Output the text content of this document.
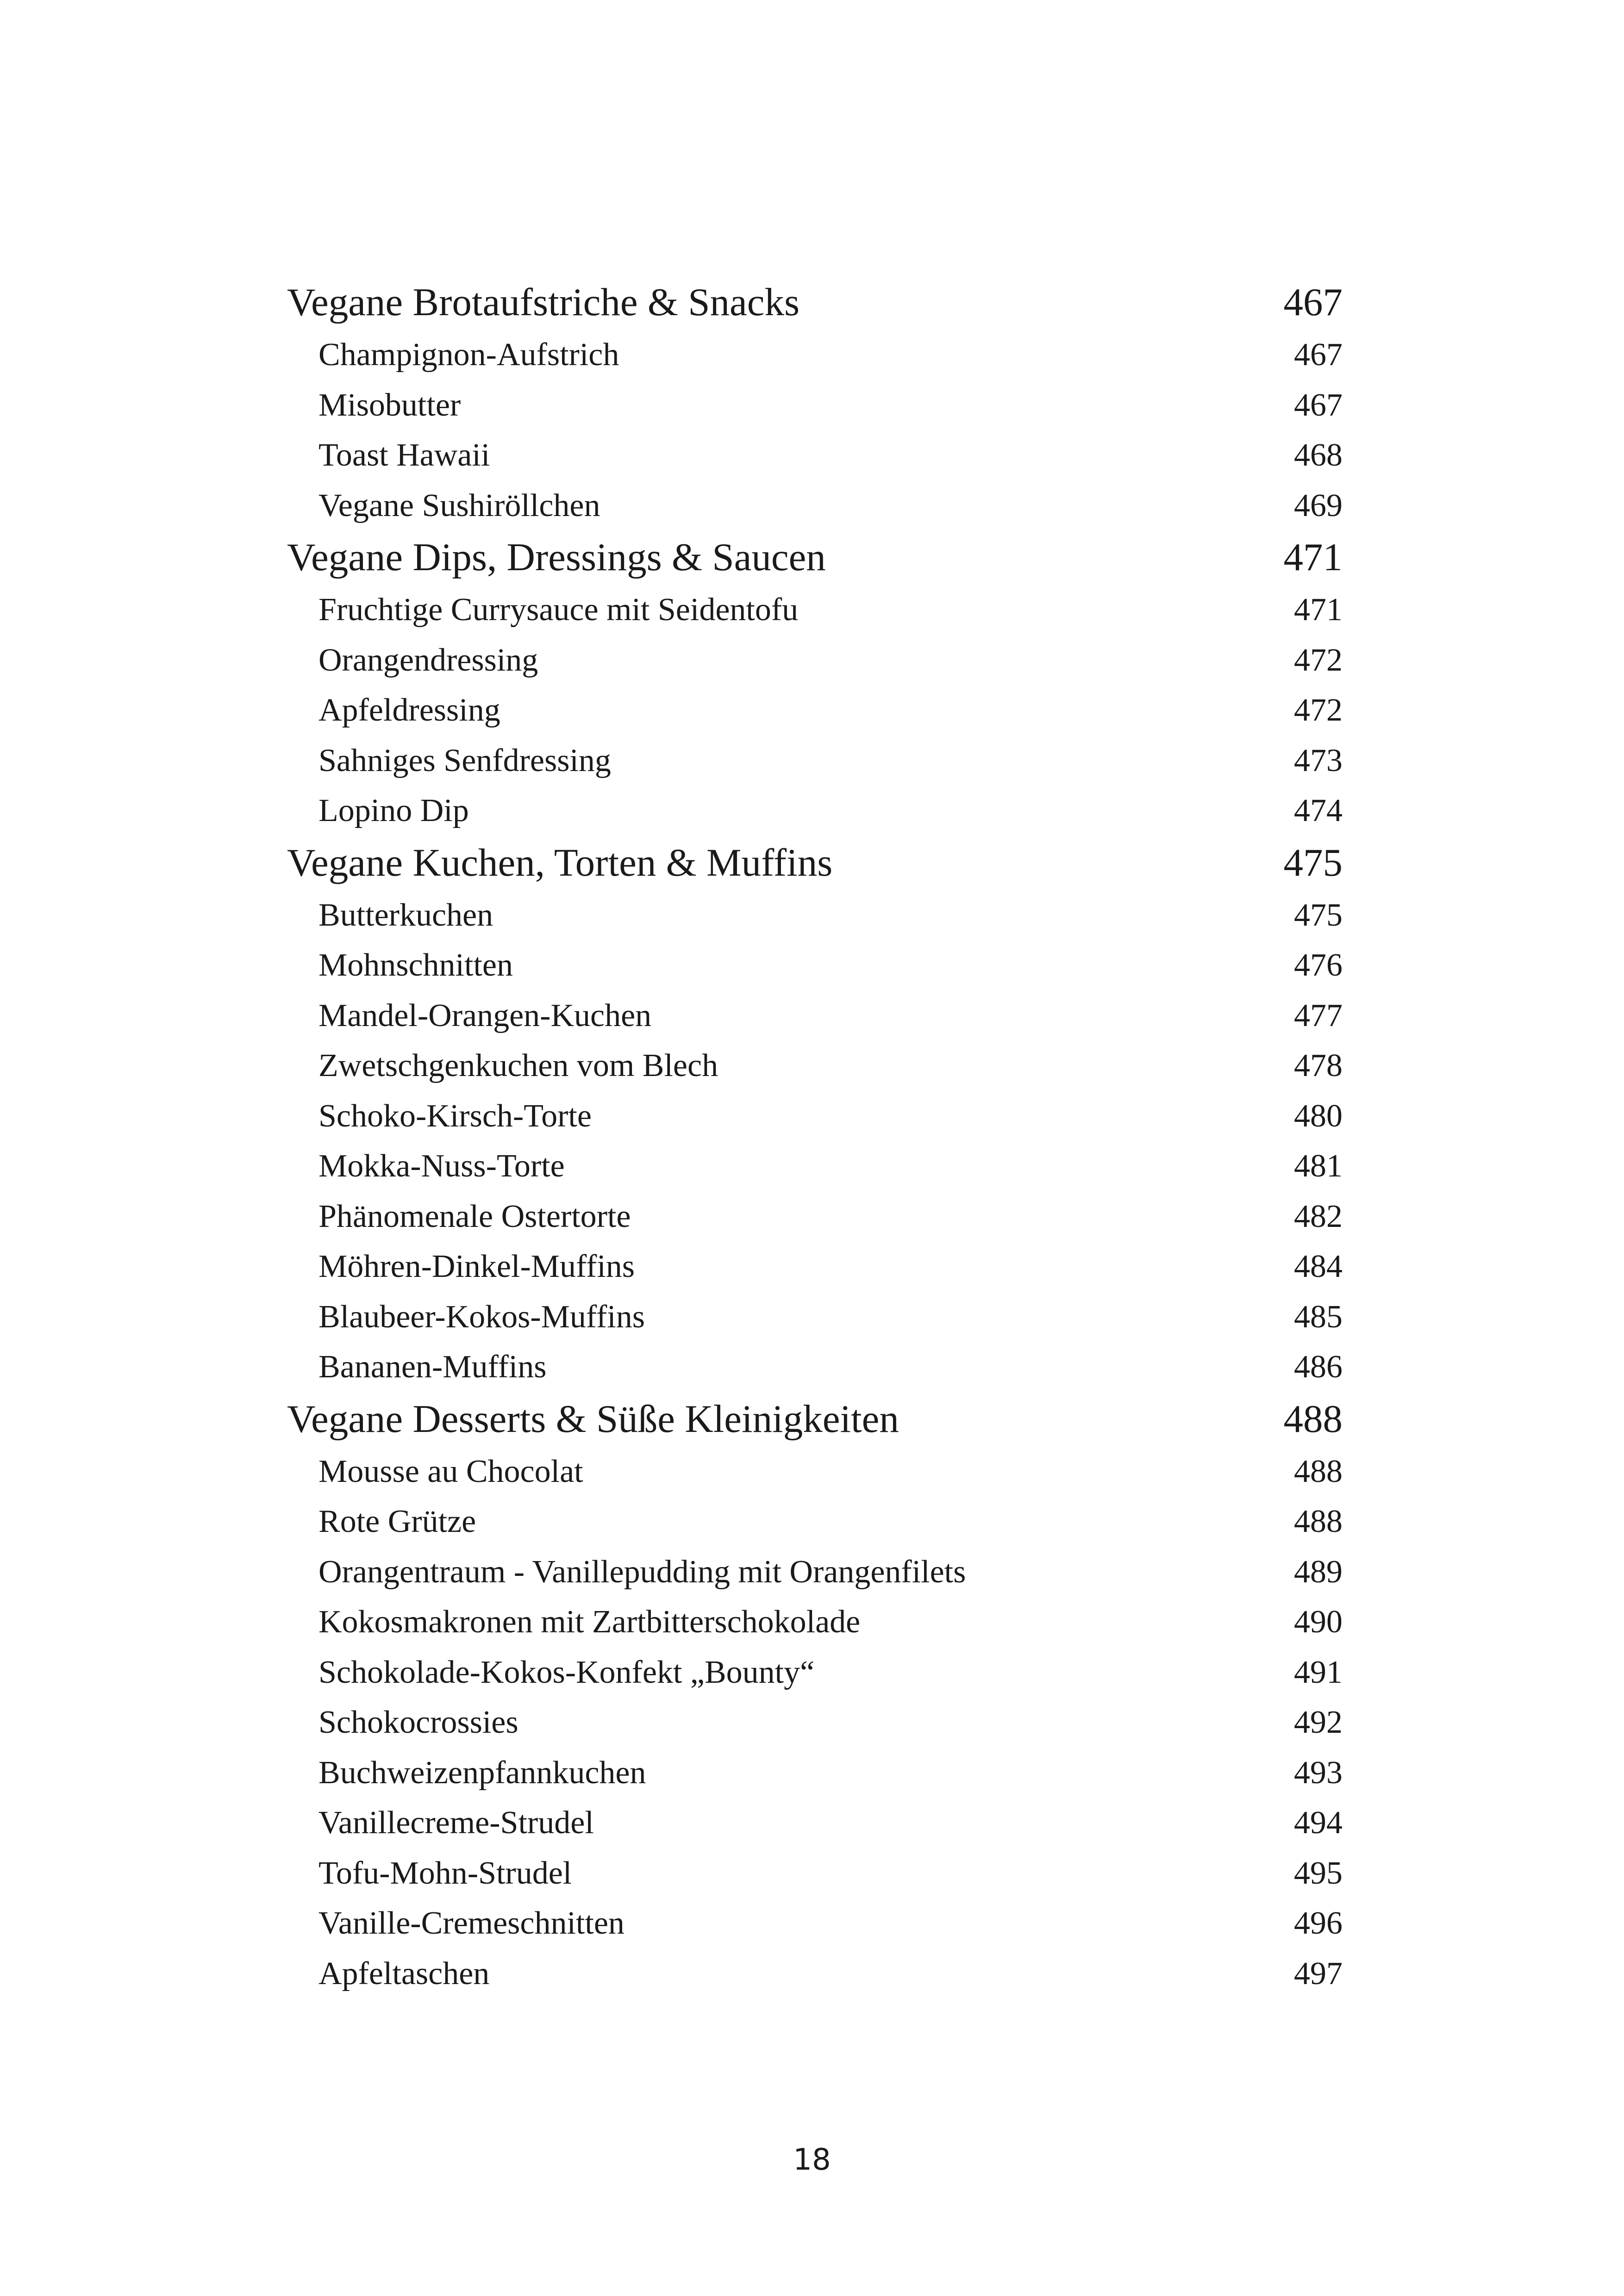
Vegane Brotaufstriche & Snacks	467
Champignon-Aufstrich	467
Misobutter	467
Toast Hawaii	468
Vegane Sushiröllchen	469
Vegane Dips, Dressings & Saucen	471
Fruchtige Currysauce mit Seidentofu	471
Orangendressing	472
Apfeldressing	472
Sahniges Senfdressing	473
Lopino Dip	474
Vegane Kuchen, Torten & Muffins	475
Butterkuchen	475
Mohnschnitten	476
Mandel-Orangen-Kuchen	477
Zwetschgenkuchen vom Blech	478
Schoko-Kirsch-Torte	480
Mokka-Nuss-Torte	481
Phänomenale Ostertorte	482
Möhren-Dinkel-Muffins	484
Blaubeer-Kokos-Muffins	485
Bananen-Muffins	486
Vegane Desserts & Süße Kleinigkeiten	488
Mousse au Chocolat	488
Rote Grütze	488
Orangentraum - Vanillepudding mit Orangenfilets	489
Kokosmakronen mit Zartbitterschokolade	490
Schokolade-Kokos-Konfekt „Bounty“	491
Schokocrossies	492
Buchweizenpfannkuchen	493
Vanillecreme-Strudel	494
Tofu-Mohn-Strudel	495
Vanille-Cremeschnitten	496
Apfeltaschen	497
18
